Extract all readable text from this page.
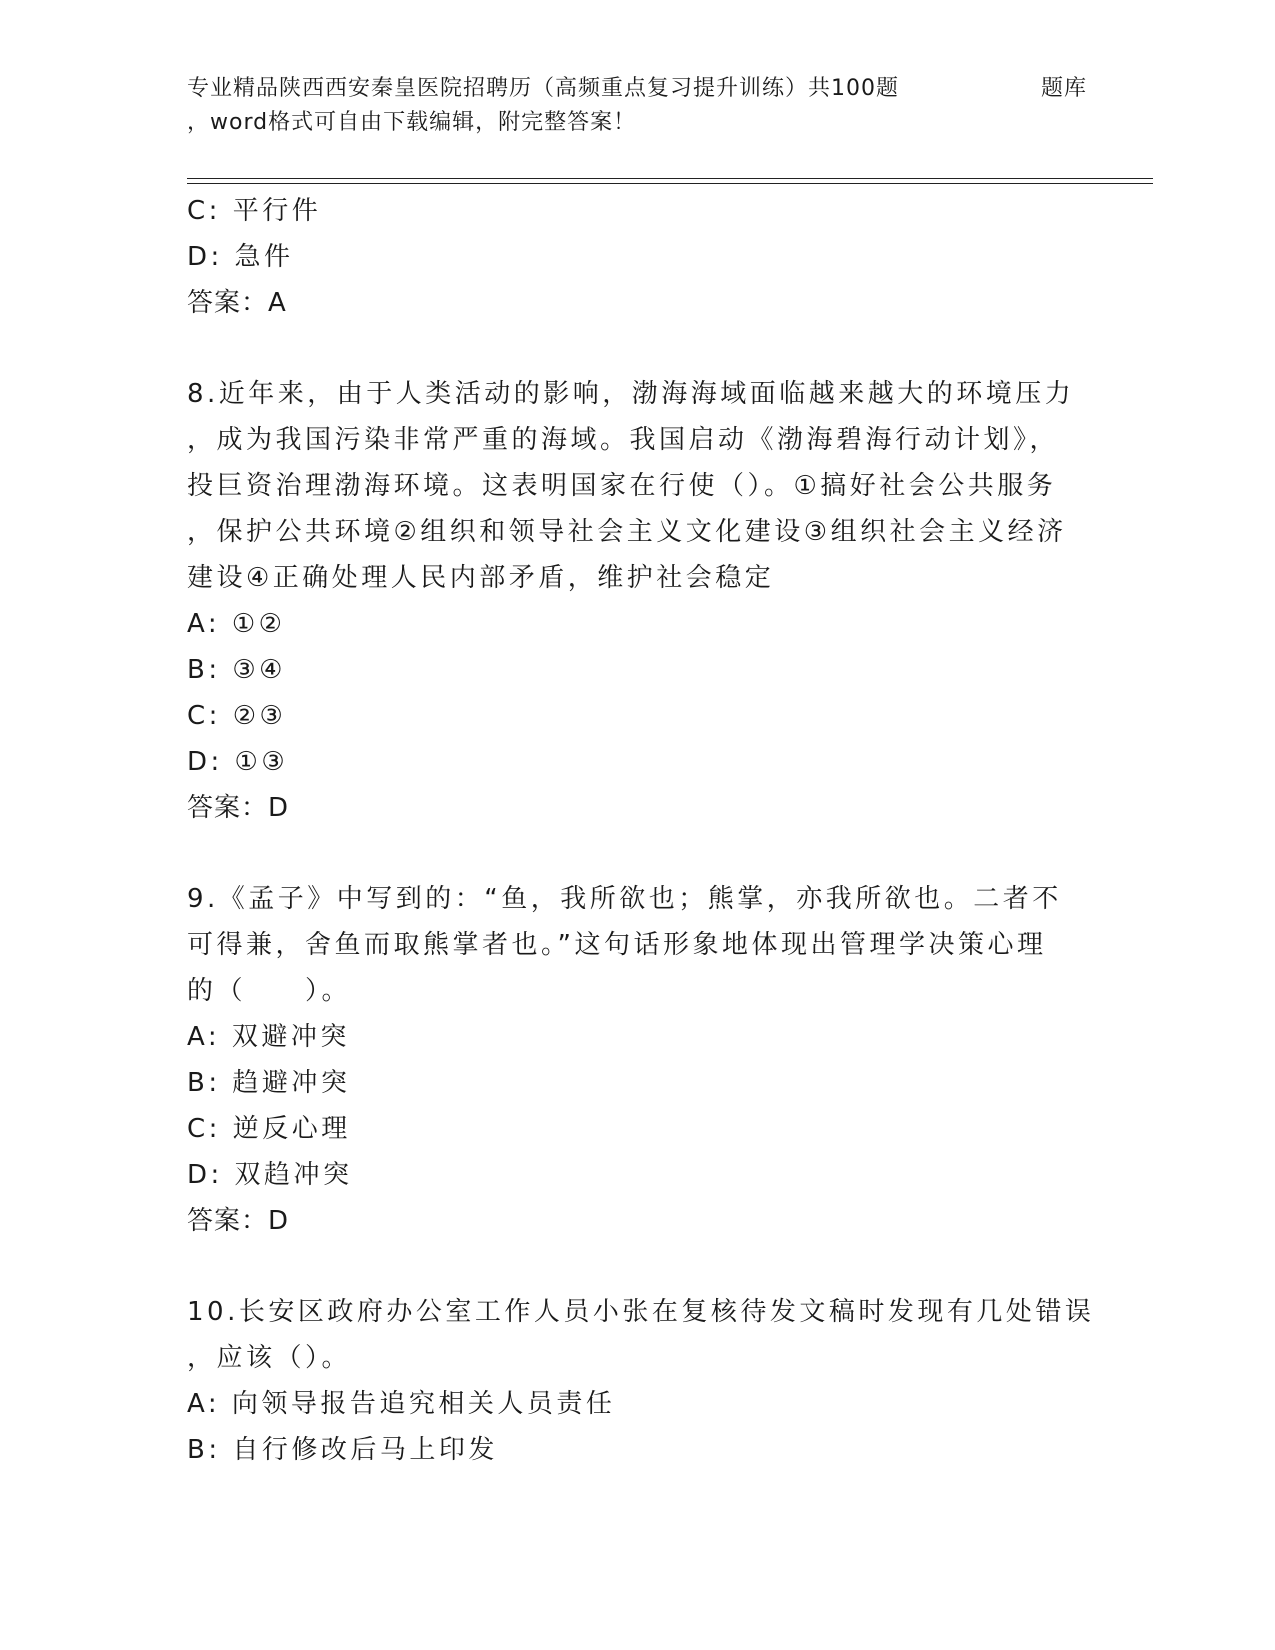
专业精品陕西西安秦皇医院招聘历（高频重点复习提升训练）共100题	题库
，word格式可自由下载编辑，附完整答案！
C: 平行件
D: 急件
答案：A
8.近年来，由于人类活动的影响，渤海海域面临越来越大的环境压力
，成为我国污染非常严重的海域。我国启动《渤海碧海行动计划》，
投巨资治理渤海环境。这表明国家在行使（）。①搞好社会公共服务
，保护公共环境②组织和领导社会主义文化建设③组织社会主义经济
建设④正确处理人民内部矛盾，维护社会稳定
A: ①②
B: ③④
C: ②③
D: ①③
答案：D
9.《孟子》中写到的：“鱼，我所欲也；熊掌，亦我所欲也。二者不
可得兼，舍鱼而取熊掌者也。”这句话形象地体现出管理学决策心理
的（　　）。
A: 双避冲突
B: 趋避冲突
C: 逆反心理
D: 双趋冲突
答案：D
10.长安区政府办公室工作人员小张在复核待发文稿时发现有几处错误
，应该（）。
A: 向领导报告追究相关人员责任
B: 自行修改后马上印发
